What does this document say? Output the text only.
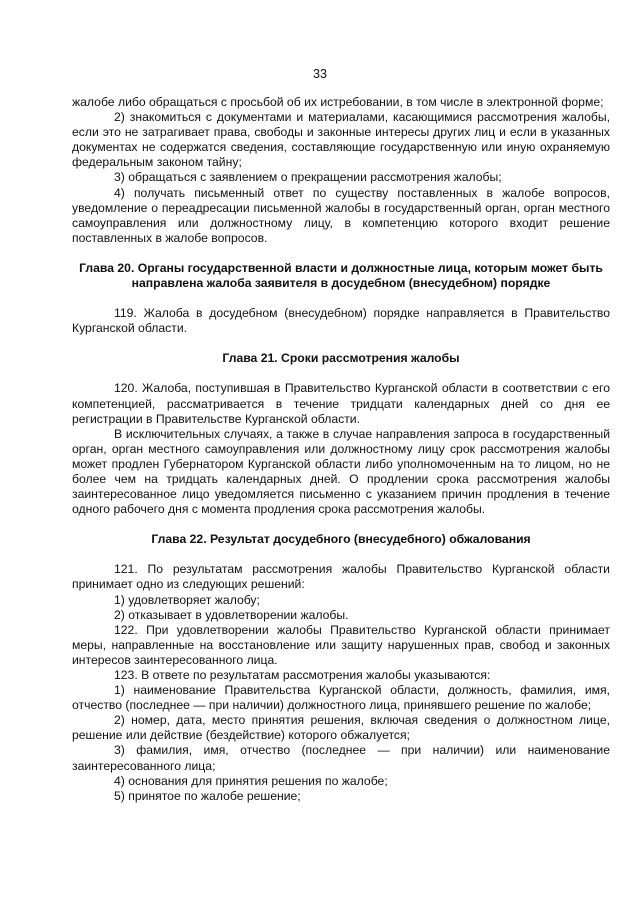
33

жалобе либо обращаться с просьбой об их истребовании, в том числе в электронной форме;

2) знакомиться с документами и материалами, касающимися рассмотрения жалобы, если это не затрагивает права, свободы и законные интересы других лиц и если в указанных документах не содержатся сведения, составляющие государственную или иную охраняемую федеральным законом тайну;

3) обращаться с заявлением о прекращении рассмотрения жалобы;

4) получать письменный ответ по существу поставленных в жалобе вопросов, уведомление о переадресации письменной жалобы в государственный орган, орган местного самоуправления или должностному лицу, в компетенцию которого входит решение поставленных в жалобе вопросов.

Глава 20. Органы государственной власти и должностные лица, которым может быть направлена жалоба заявителя в досудебном (внесудебном) порядке

119. Жалоба в досудебном (внесудебном) порядке направляется в Правительство Курганской области.

Глава 21. Сроки рассмотрения жалобы

120. Жалоба, поступившая в Правительство Курганской области в соответствии с его компетенцией, рассматривается в течение тридцати календарных дней со дня ее регистрации в Правительстве Курганской области.

В исключительных случаях, а также в случае направления запроса в государственный орган, орган местного самоуправления или должностному лицу срок рассмотрения жалобы может продлен Губернатором Курганской области либо уполномоченным на то лицом, но не более чем на тридцать календарных дней. О продлении срока рассмотрения жалобы заинтересованное лицо уведомляется письменно с указанием причин продления в течение одного рабочего дня с момента продления срока рассмотрения жалобы.

Глава 22. Результат досудебного (внесудебного) обжалования

121. По результатам рассмотрения жалобы Правительство Курганской области принимает одно из следующих решений:

1) удовлетворяет жалобу;

2) отказывает в удовлетворении жалобы.

122. При удовлетворении жалобы Правительство Курганской области принимает меры, направленные на восстановление или защиту нарушенных прав, свобод и законных интересов заинтересованного лица.

123. В ответе по результатам рассмотрения жалобы указываются:

1) наименование Правительства Курганской области, должность, фамилия, имя, отчество (последнее — при наличии) должностного лица, принявшего решение по жалобе;

2) номер, дата, место принятия решения, включая сведения о должностном лице, решение или действие (бездействие) которого обжалуется;

3) фамилия, имя, отчество (последнее — при наличии) или наименование заинтересованного лица;

4) основания для принятия решения по жалобе;

5) принятое по жалобе решение;
